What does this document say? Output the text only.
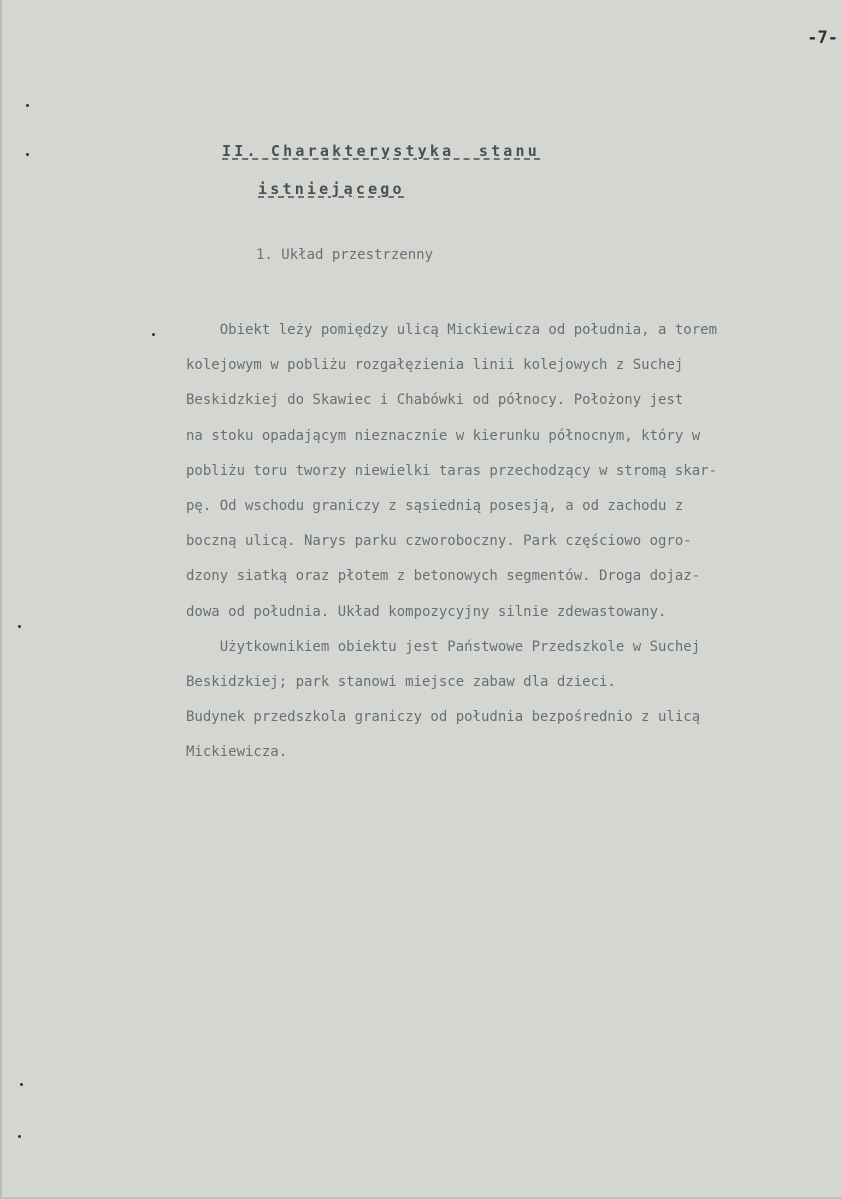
-7-
II. Charakterystyka  stanu
istniejącego
1. Układ przestrzenny
Obiekt leży pomiędzy ulicą Mickiewicza od południa, a torem
kolejowym w pobliżu rozgałęzienia linii kolejowych z Suchej
Beskidzkiej do Skawiec i Chabówki od północy. Położony jest
na stoku opadającym nieznacznie w kierunku północnym, który w
pobliżu toru tworzy niewielki taras przechodzący w stromą skar-
pę. Od wschodu graniczy z sąsiednią posesją, a od zachodu z
boczną ulicą. Narys parku czworoboczny. Park częściowo ogro-
dzony siatką oraz płotem z betonowych segmentów. Droga dojaz-
dowa od południa. Układ kompozycyjny silnie zdewastowany.
Użytkownikiem obiektu jest Państwowe Przedszkole w Suchej
Beskidzkiej; park stanowi miejsce zabaw dla dzieci.
Budynek przedszkola graniczy od południa bezpośrednio z ulicą
Mickiewicza.
